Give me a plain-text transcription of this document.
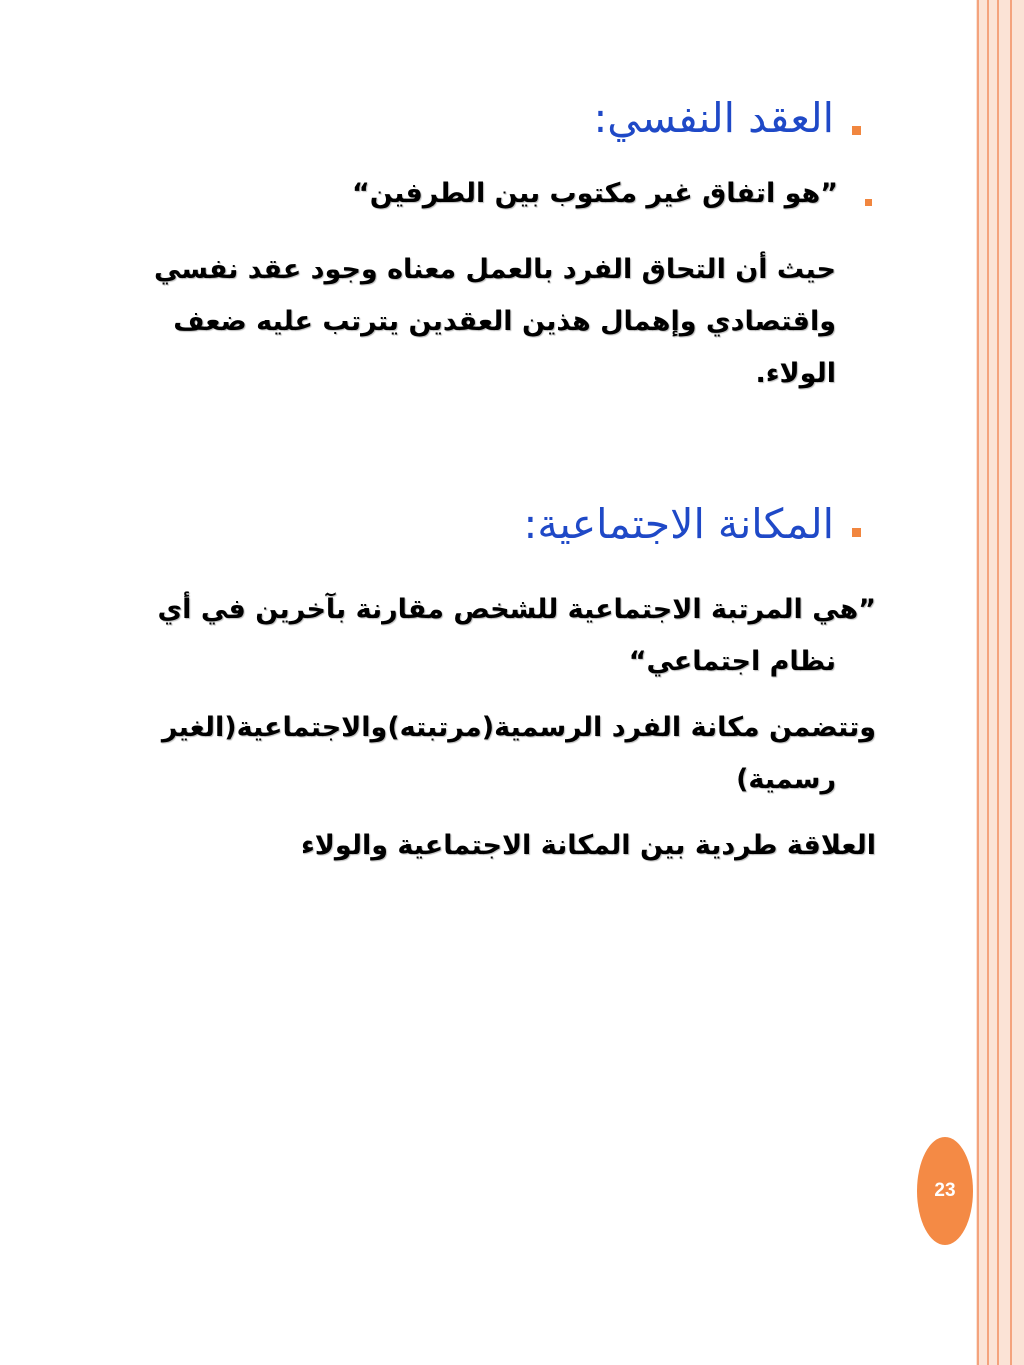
العقد النفسي:
”هو اتفاق غير مكتوب بين الطرفين“
حيث أن التحاق الفرد بالعمل معناه وجود عقد نفسي
واقتصادي وإهمال هذين العقدين يترتب عليه ضعف
الولاء.
المكانة الاجتماعية:
”هي المرتبة الاجتماعية للشخص مقارنة بآخرين في أي
نظام اجتماعي“
وتتضمن مكانة الفرد الرسمية(مرتبته)والاجتماعية(الغير
رسمية)
العلاقة طردية بين المكانة الاجتماعية والولاء
23
